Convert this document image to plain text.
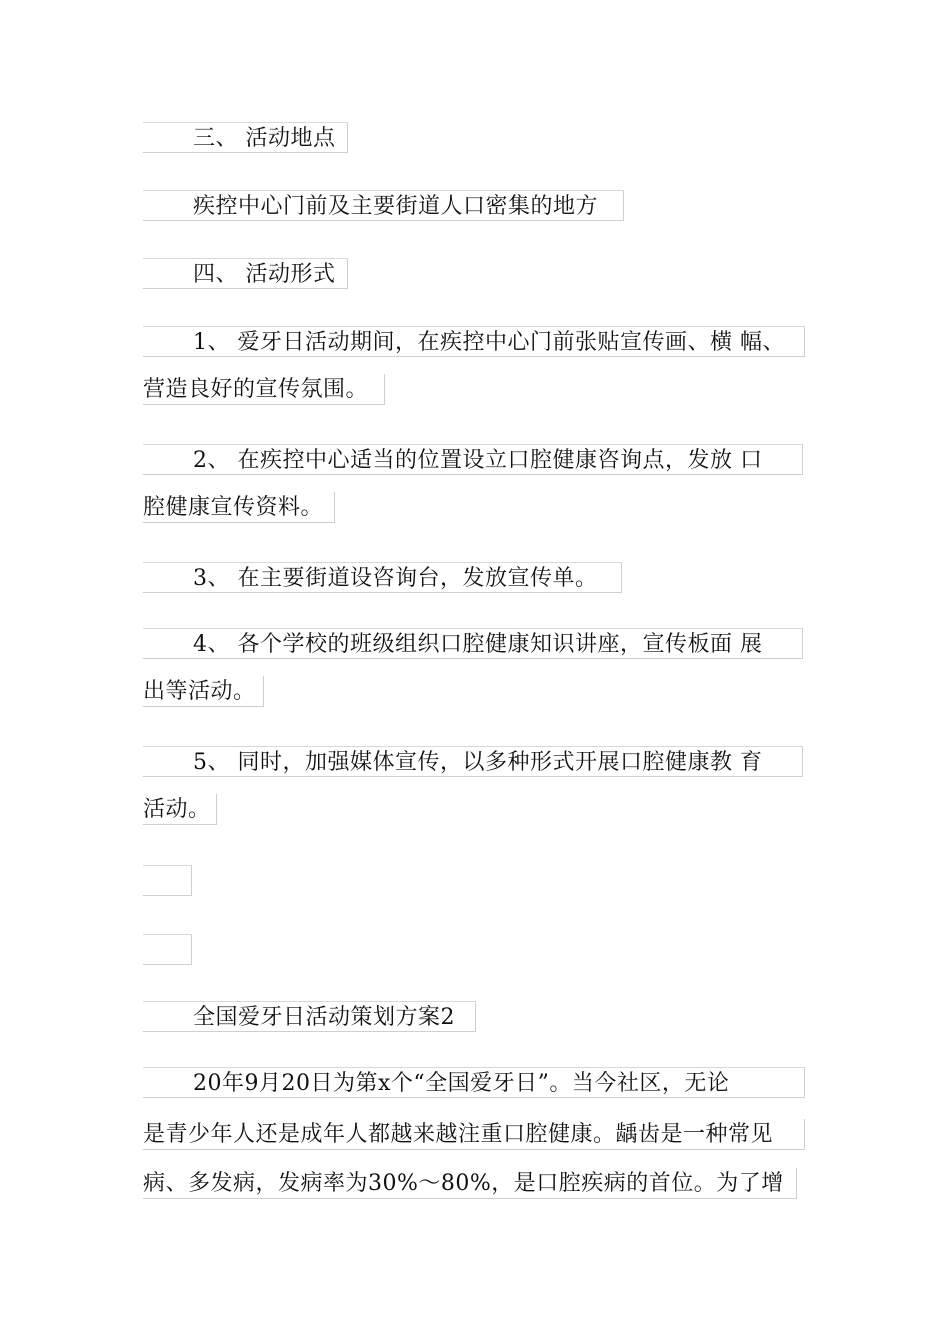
三、 活动地点
疾控中心门前及主要街道人口密集的地方
四、 活动形式
1、 爱牙日活动期间，在疾控中心门前张贴宣传画、横 幅、
营造良好的宣传氛围。
2、 在疾控中心适当的位置设立口腔健康咨询点，发放 口
腔健康宣传资料。
3、 在主要街道设咨询台，发放宣传单。
4、 各个学校的班级组织口腔健康知识讲座，宣传板面 展
出等活动。
5、 同时，加强媒体宣传，以多种形式开展口腔健康教 育
活动。
全国爱牙日活动策划方案2
20年9月20日为第x个“全国爱牙日”。当今社区，无论
是青少年人还是成年人都越来越注重口腔健康。龋齿是一种常见
病、多发病，发病率为30%～80%，是口腔疾病的首位。为了增
